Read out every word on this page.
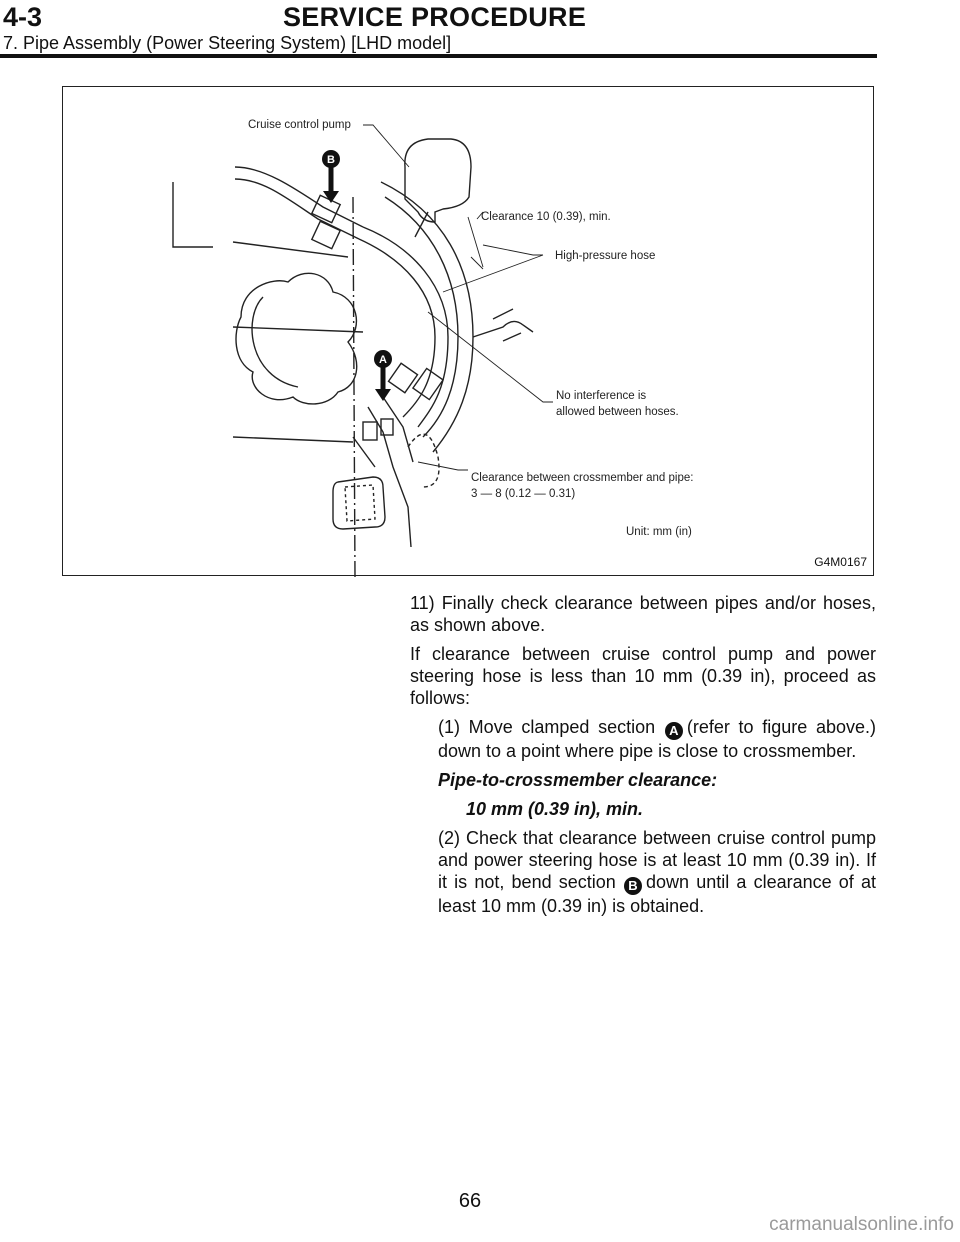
4-3	SERVICE PROCEDURE
7. Pipe Assembly (Power Steering System) [LHD model]
B
A
Cruise control pump
Clearance 10 (0.39), min.
High-pressure hose
No interference is
allowed between hoses.
Clearance between crossmember and pipe:
3 — 8 (0.12 — 0.31)
Unit: mm (in)
G4M0167

11) Finally check clearance between pipes and/or hoses, as shown above.

If clearance between cruise control pump and power steering hose is less than 10 mm (0.39 in), proceed as follows:

(1) Move clamped section A (refer to figure above.) down to a point where pipe is close to crossmember.

Pipe-to-crossmember clearance:

10 mm (0.39 in), min.

(2) Check that clearance between cruise control pump and power steering hose is at least 10 mm (0.39 in). If it is not, bend section B down until a clearance of at least 10 mm (0.39 in) is obtained.

66
carmanualsonline.info
